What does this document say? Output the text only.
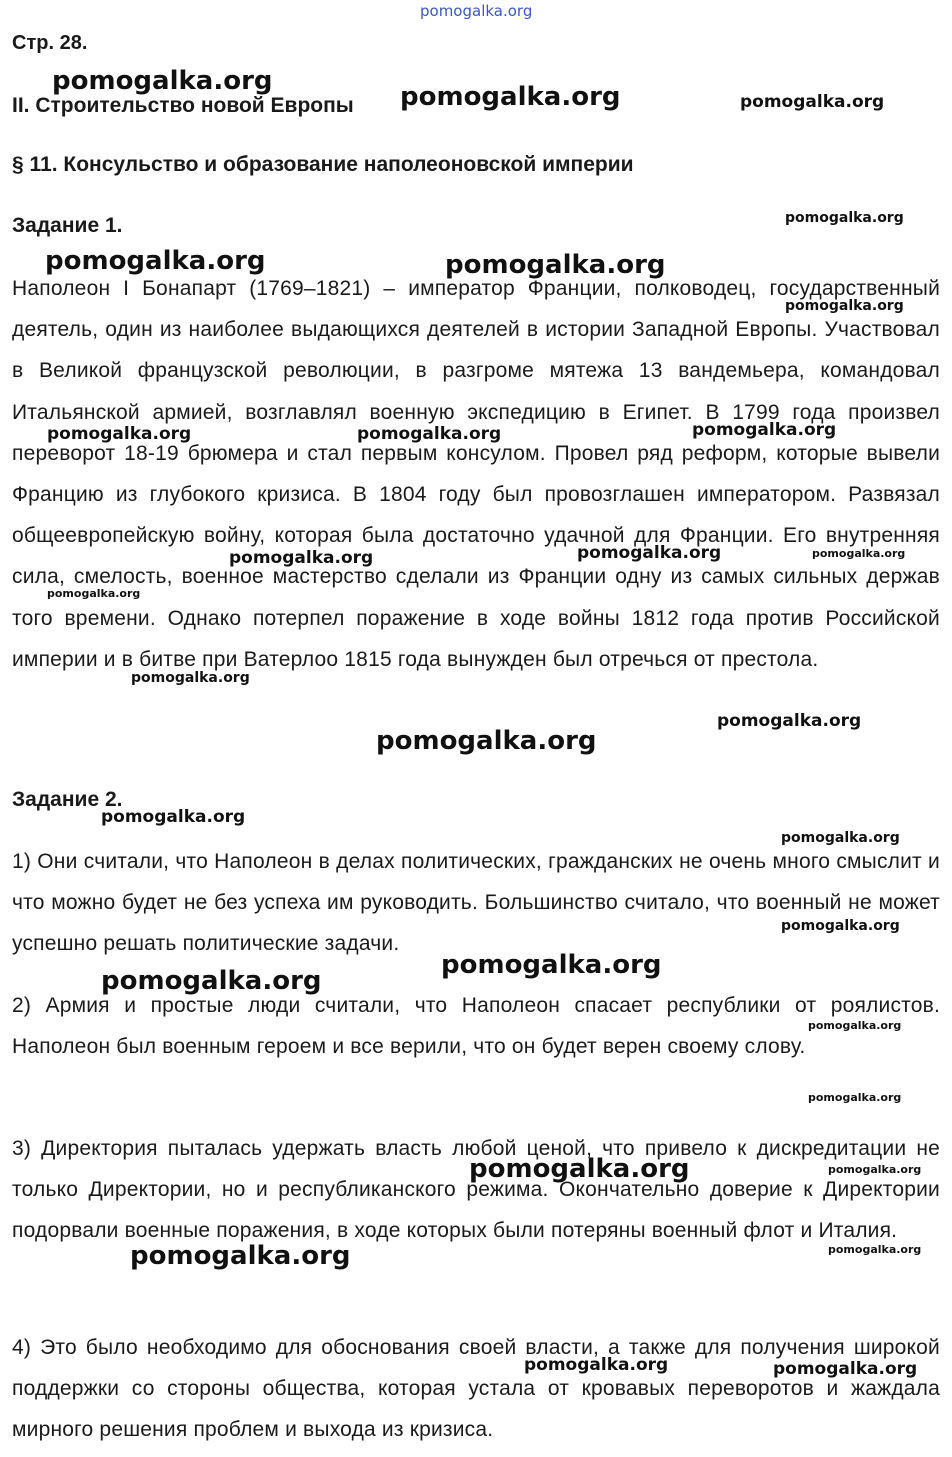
Стр. 28.

II. Строительство новой Европы

§ 11. Консульство и образование наполеоновской империи

Задание 1.

Наполеон I Бонапарт (1769–1821) – император Франции, полководец, государственный деятель, один из наиболее выдающихся деятелей в истории Западной Европы. Участвовал в Великой французской революции, в разгроме мятежа 13 вандемьера, командовал Итальянской армией, возглавлял военную экспедицию в Египет. В 1799 года произвел переворот 18-19 брюмера и стал первым консулом. Провел ряд реформ, которые вывели Францию из глубокого кризиса. В 1804 году был провозглашен императором. Развязал общеевропейскую войну, которая была достаточно удачной для Франции. Его внутренняя сила, смелость, военное мастерство сделали из Франции одну из самых сильных держав того времени. Однако потерпел поражение в ходе войны 1812 года против Российской империи и в битве при Ватерлоо 1815 года вынужден был отречься от престола.

Задание 2.

1) Они считали, что Наполеон в делах политических, гражданских не очень много смыслит и что можно будет не без успеха им руководить. Большинство считало, что военный не может успешно решать политические задачи.

2) Армия и простые люди считали, что Наполеон спасает республики от роялистов. Наполеон был военным героем и все верили, что он будет верен своему слову.

3) Директория пыталась удержать власть любой ценой, что привело к дискредитации не только Директории, но и республиканского режима. Окончательно доверие к Директории подорвали военные поражения, в ходе которых были потеряны военный флот и Италия.

4) Это было необходимо для обоснования своей власти, а также для получения широкой поддержки со стороны общества, которая устала от кровавых переворотов и жаждала мирного решения проблем и выхода из кризиса.

pomogalka.org
pomogalka.org
pomogalka.org	pomogalka.org
pomogalka.org
pomogalka.org	pomogalka.org
pomogalka.org
pomogalka.org	pomogalka.org	pomogalka.org
pomogalka.org	pomogalka.org	pomogalka.org
pomogalka.org
pomogalka.org
pomogalka.org
pomogalka.org
pomogalka.org
pomogalka.org
pomogalka.org
pomogalka.org
pomogalka.org
pomogalka.org
pomogalka.org
pomogalka.org	pomogalka.org
pomogalka.org
pomogalka.org
pomogalka.org	pomogalka.org
